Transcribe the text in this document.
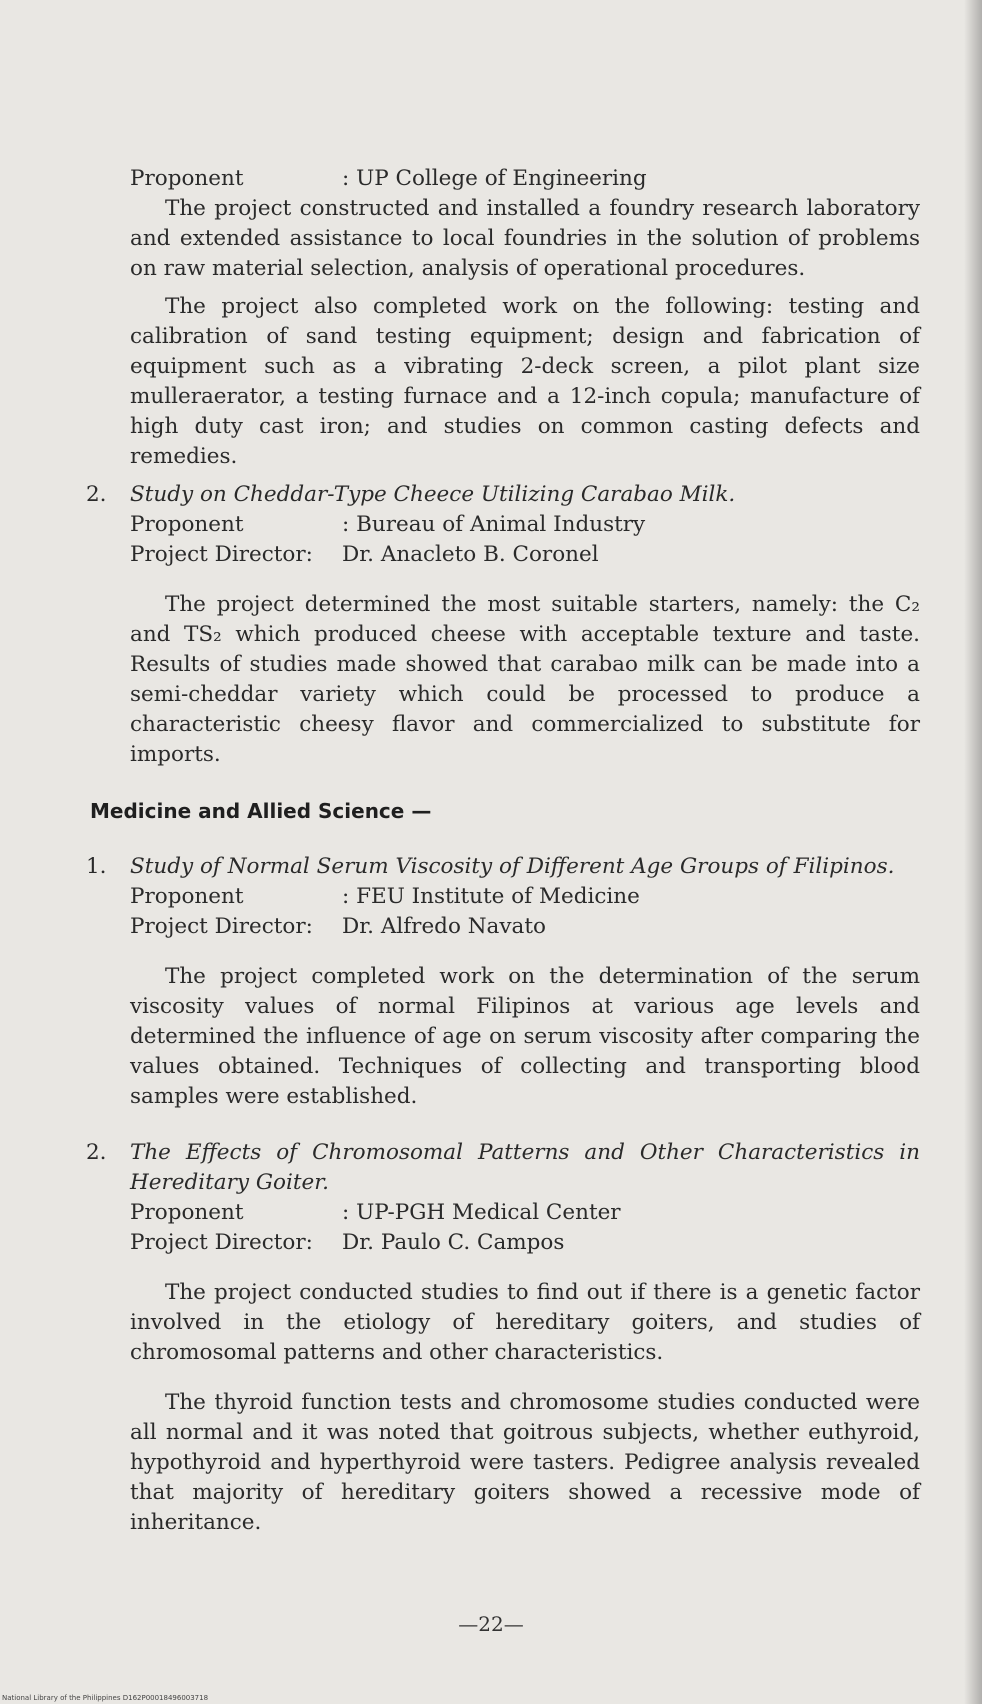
Proponent	: UP College of Engineering

The project constructed and installed a foundry research laboratory and extended assistance to local foundries in the solution of problems on raw material selection, analysis of operational procedures.

The project also completed work on the following: testing and calibration of sand testing equipment; design and fabrication of equipment such as a vibrating 2-deck screen, a pilot plant size mulleraerator, a testing furnace and a 12-inch copula; manufacture of high duty cast iron; and studies on common casting defects and remedies.

2. Study on Cheddar-Type Cheece Utilizing Carabao Milk.

Proponent	: Bureau of Animal Industry
Project Director:	Dr. Anacleto B. Coronel

The project determined the most suitable starters, namely: the C₂ and TS₂ which produced cheese with acceptable texture and taste. Results of studies made showed that carabao milk can be made into a semi-cheddar variety which could be processed to produce a characteristic cheesy flavor and commercialized to substitute for imports.

Medicine and Allied Science —
1. Study of Normal Serum Viscosity of Different Age Groups of Filipinos.

Proponent	: FEU Institute of Medicine
Project Director:	Dr. Alfredo Navato

The project completed work on the determination of the serum viscosity values of normal Filipinos at various age levels and determined the influence of age on serum viscosity after comparing the values obtained. Techniques of collecting and transporting blood samples were established.

2. The Effects of Chromosomal Patterns and Other Characteristics in Hereditary Goiter.

Proponent	: UP-PGH Medical Center
Project Director:	Dr. Paulo C. Campos

The project conducted studies to find out if there is a genetic factor involved in the etiology of hereditary goiters, and studies of chromosomal patterns and other characteristics.

The thyroid function tests and chromosome studies conducted were all normal and it was noted that goitrous subjects, whether euthyroid, hypothyroid and hyperthyroid were tasters. Pedigree analysis revealed that majority of hereditary goiters showed a recessive mode of inheritance.

—22—
National Library of the Philippines D162P00018496003718
